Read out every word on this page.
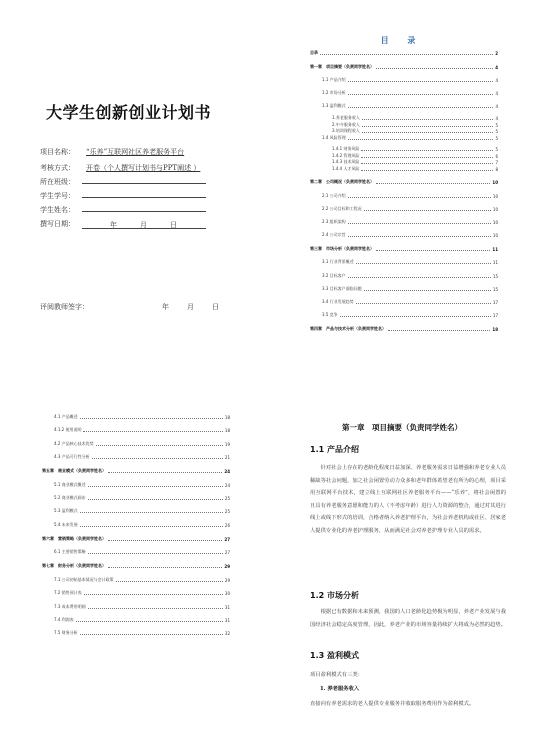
大学生创新创业计划书
项目名称： “乐养”互联网社区养老服务平台
考核方式： 开卷（个人撰写计划书与PPT阐述 ）
所在班级：
学生学号：
学生姓名：
撰写日期：	年	月	日

评阅教师签字：	年	月	日
目 录
目录	2
第一章　项目摘要（负责同学姓名）	4
1.1 产品介绍	4
1.2 市场分析	4
1.3 盈利模式	4
1.养老服务收入	4
2.中介服务收入	5
3.培训课程收入	5
1.4 风险管理	5
1.4.1 财务风险	5
1.4.2 管理风险	6
1.4.3 技术风险	7
1.4.4 人才风险	8
第二章　公司概况（负责同学姓名）	10
2.1 公司介绍	10
2.2 公司目标和工程况	10
2.3 组织架构	10
2.4 公司宗旨	10
第三章　市场分析（负责同学姓名）	11
3.1 行业背景概述	11
3.2 目标客户	15
3.3 目标客户面临问题	15
3.4 行业发展趋势	17
3.5 竞争	17
第四章　产品与技术分析（负责同学姓名）	18
4.1 产品概述	18
4.1.2 使用说明	18
4.2 产品核心技术优势	19
4.3 产品可行性分析	21
第五章　商业模式（负责同学姓名）	24
5.1 商业模式概述	24
5.2 商业模式画布	25
5.3 盈利模式	25
5.4 未来发展	26
第六章　营销策略（负责同学姓名）	27
6.1 主要销售策略	27
第七章　财务分析（负责同学姓名）	29
7.1 公司初始基本情况与会计政策	29
7.2 销售预计表	30
7.3 成本费用明细	31
7.4 利润表	31
7.5 财务分析	32
第一章　项目摘要（负责同学姓名）
1.1 产品介绍
针对社会上存在的老龄化程度日益加深、养老服务需求日益增强和养老专业人员稀缺等社会问题，加之社会闲置劳动力众多和老年群体希望老有所为的心理，项目采用互联网平台技术，建立线上互联网社区养老服务平台——“乐养”，将社会闲置的且具有养老服务意愿和能力的人（不考虑年龄）进行人力资源的整合，通过对其进行线上或线下形式的培训，合格者纳入养老护理平台，为社会养老机构或社区、居家老人提供专业化的养老护理服务，从而满足社会对养老护理专业人员的需求。
1.2 市场分析
根据已有数据和未来预测，我国的人口老龄化趋势极为明显，养老产业发展与我国经济社会稳定高度管理，因此，养老产业的市场容量持续扩大将成为必然的趋势。
1.3 盈利模式
项目盈利模式有三类：
1. 养老服务收入
直接向有养老需求的老人提供专业服务并收取服务费用作为盈利模式。
